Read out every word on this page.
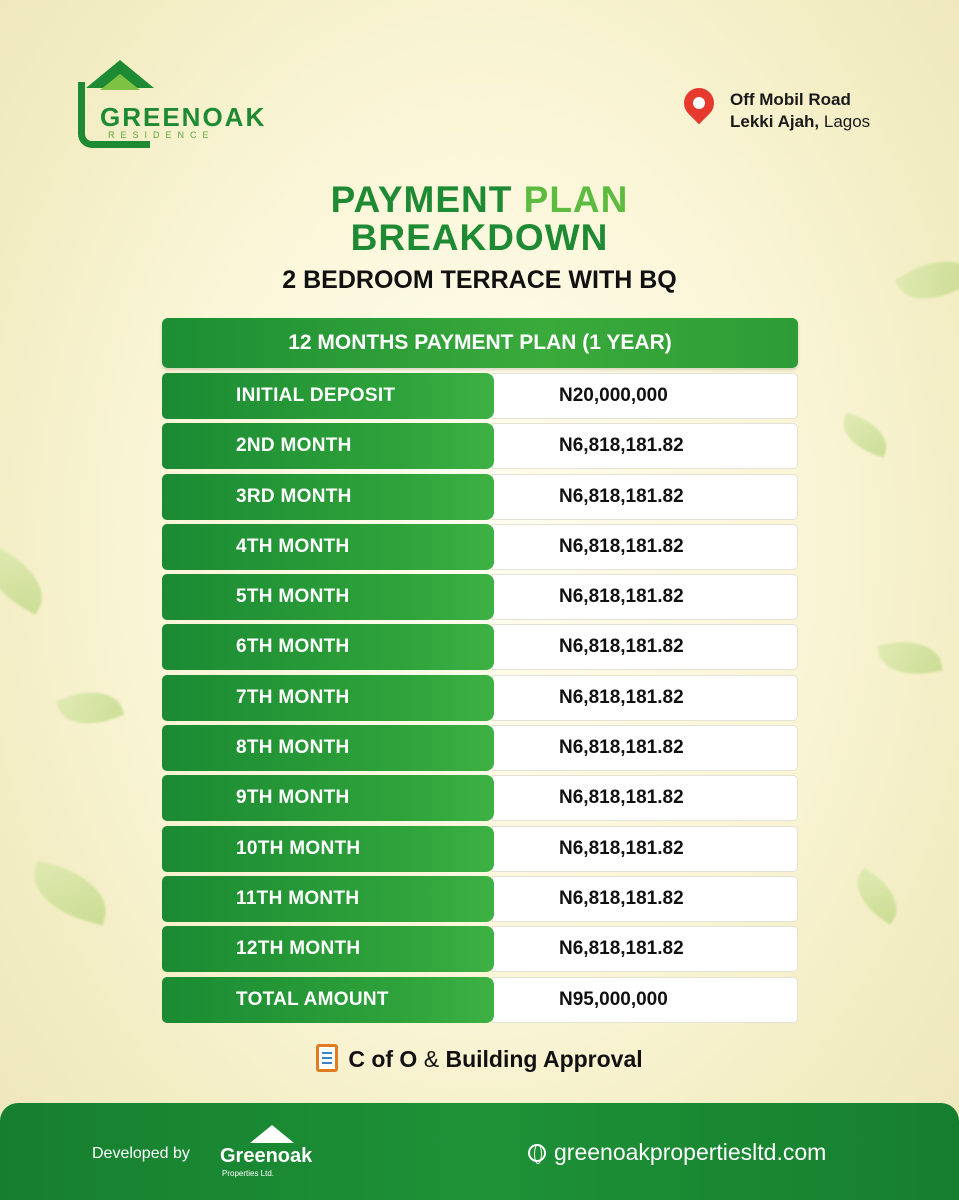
GREENOAK
RESIDENCE
Off Mobil Road
Lekki Ajah, Lagos
PAYMENT PLAN
BREAKDOWN
2 BEDROOM TERRACE WITH BQ
12 MONTHS PAYMENT PLAN (1 YEAR)
INITIAL DEPOSIT	N20,000,000
2ND MONTH	N6,818,181.82
3RD MONTH	N6,818,181.82
4TH MONTH	N6,818,181.82
5TH MONTH	N6,818,181.82
6TH MONTH	N6,818,181.82
7TH MONTH	N6,818,181.82
8TH MONTH	N6,818,181.82
9TH MONTH	N6,818,181.82
10TH MONTH	N6,818,181.82
11TH MONTH	N6,818,181.82
12TH MONTH	N6,818,181.82
TOTAL AMOUNT	N95,000,000
C of O & Building Approval
Developed by Greenoak
Properties Ltd.
greenoakpropertiesltd.com
